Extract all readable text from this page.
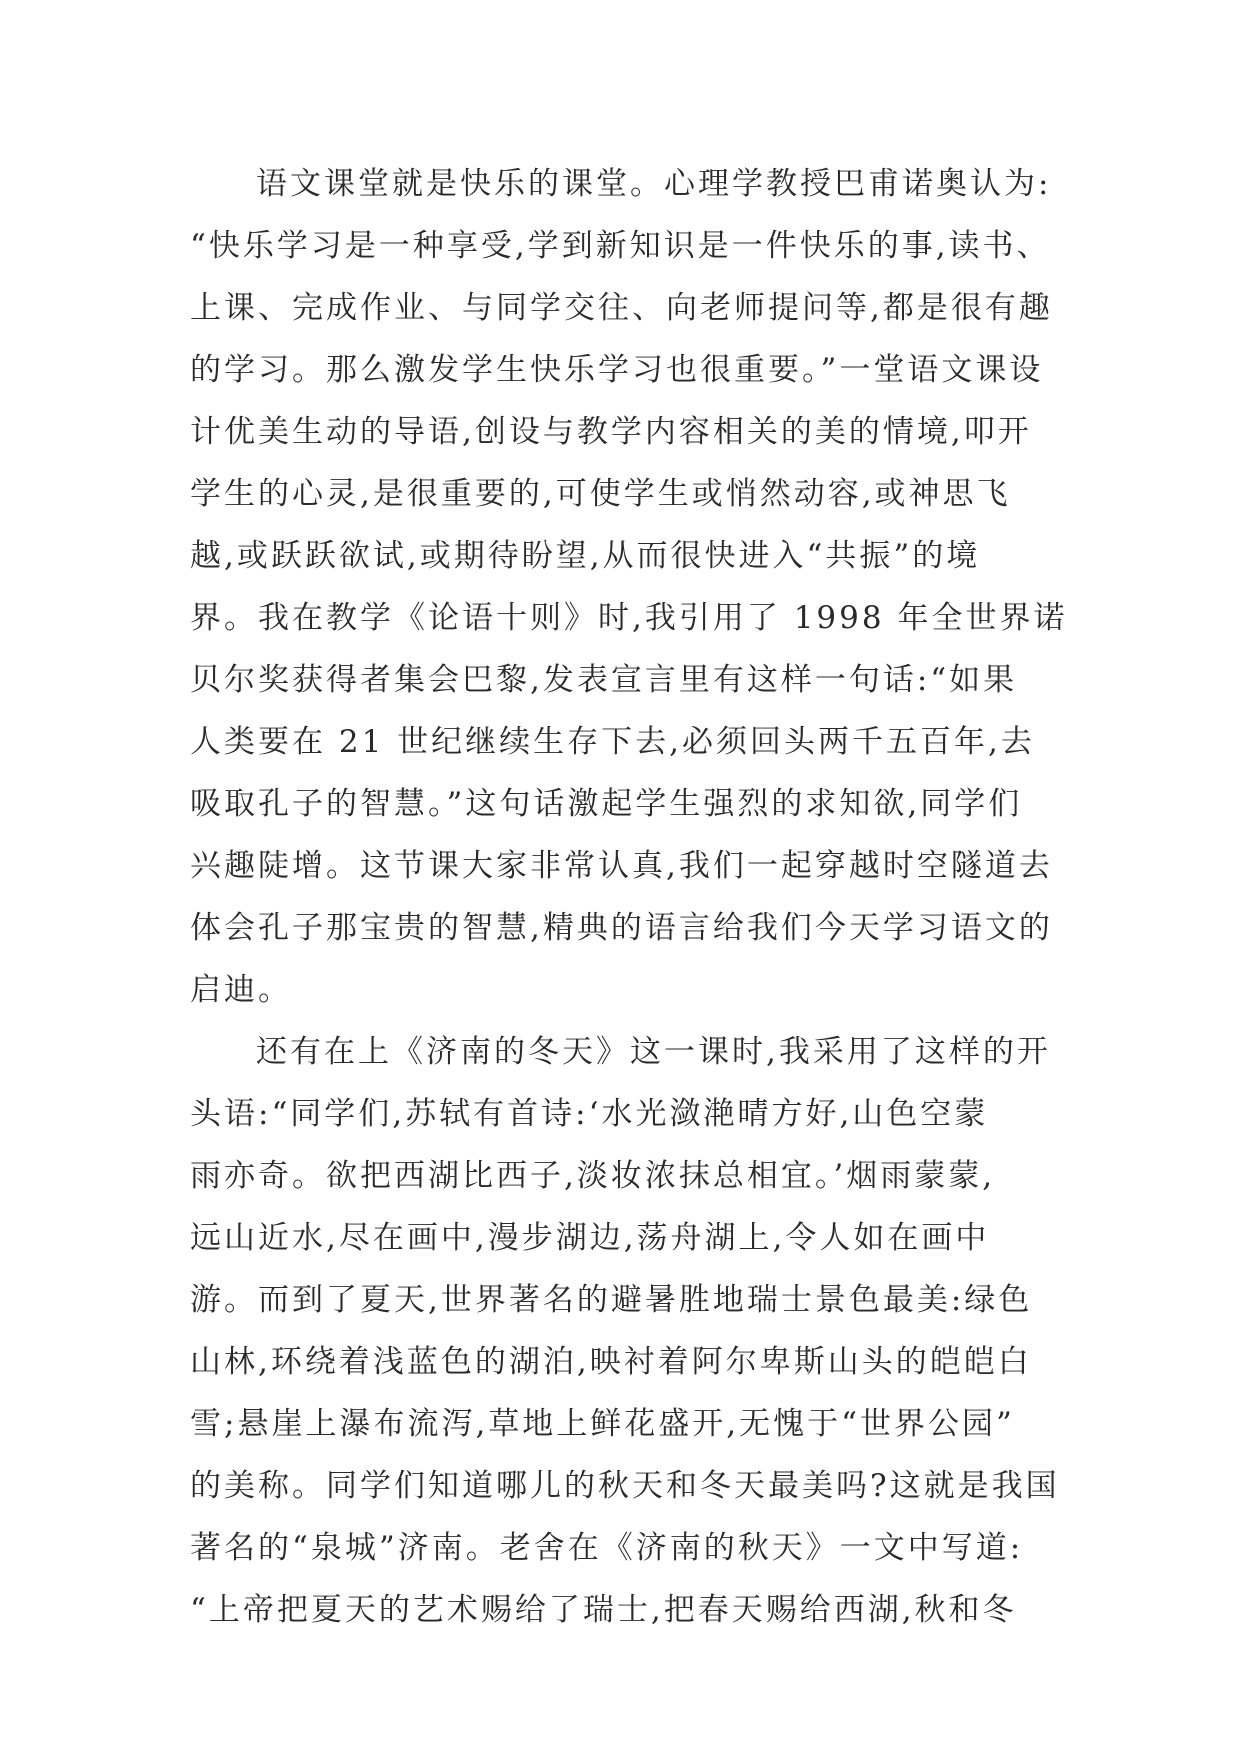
语文课堂就是快乐的课堂。心理学教授巴甫诺奥认为:
“快乐学习是一种享受,学到新知识是一件快乐的事,读书、
上课、完成作业、与同学交往、向老师提问等,都是很有趣
的学习。那么激发学生快乐学习也很重要。”一堂语文课设
计优美生动的导语,创设与教学内容相关的美的情境,叩开
学生的心灵,是很重要的,可使学生或悄然动容,或神思飞
越,或跃跃欲试,或期待盼望,从而很快进入“共振”的境
界。我在教学《论语十则》时,我引用了 1998 年全世界诺
贝尔奖获得者集会巴黎,发表宣言里有这样一句话:“如果
人类要在 21 世纪继续生存下去,必须回头两千五百年,去
吸取孔子的智慧。”这句话激起学生强烈的求知欲,同学们
兴趣陡增。这节课大家非常认真,我们一起穿越时空隧道去
体会孔子那宝贵的智慧,精典的语言给我们今天学习语文的
启迪。
还有在上《济南的冬天》这一课时,我采用了这样的开
头语:“同学们,苏轼有首诗:‘水光潋滟晴方好,山色空蒙
雨亦奇。欲把西湖比西子,淡妆浓抹总相宜。’烟雨蒙蒙,
远山近水,尽在画中,漫步湖边,荡舟湖上,令人如在画中
游。而到了夏天,世界著名的避暑胜地瑞士景色最美:绿色
山林,环绕着浅蓝色的湖泊,映衬着阿尔卑斯山头的皑皑白
雪;悬崖上瀑布流泻,草地上鲜花盛开,无愧于“世界公园”
的美称。同学们知道哪儿的秋天和冬天最美吗?这就是我国
著名的“泉城”济南。老舍在《济南的秋天》一文中写道:
“上帝把夏天的艺术赐给了瑞士,把春天赐给西湖,秋和冬
